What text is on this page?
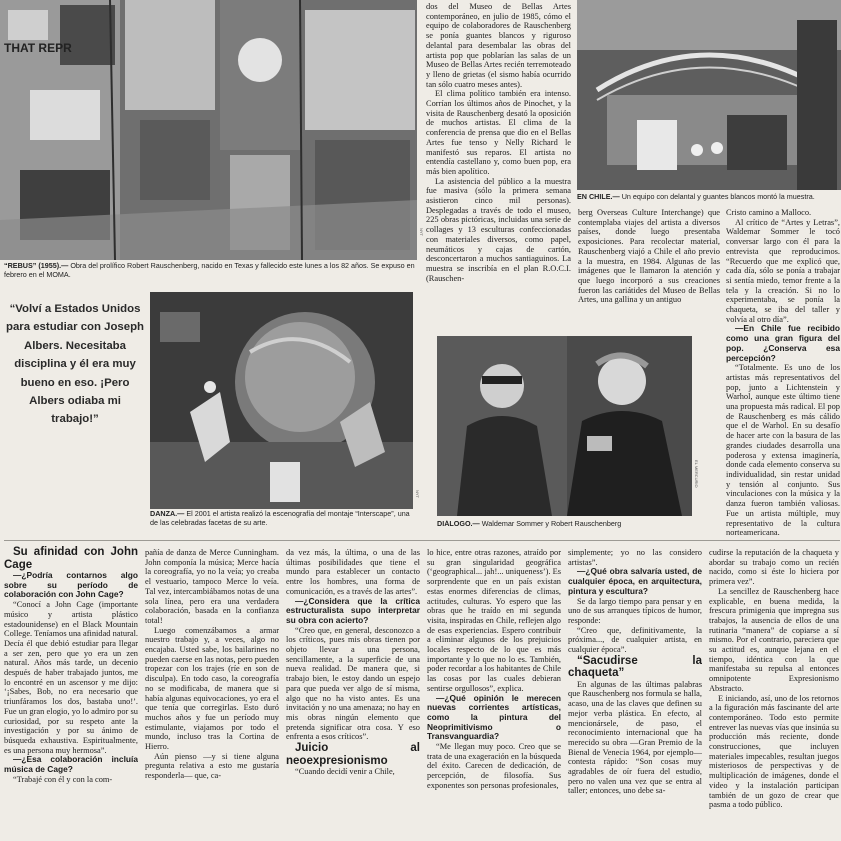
THAT REPR
NYT
“REBUS” (1955).— Obra del prolífico Robert Rauschenberg, nacido en Texas y fallecido este lunes a los 82 años. Se expuso en febrero en el MOMA.
EN CHILE.— Un equipo con delantal y guantes blancos montó la muestra.

dos del Museo de Bellas Artes contemporáneo, en julio de 1985, cómo el equipo de colaboradores de Rauschenberg se ponía guantes blancos y riguroso delantal para desembalar las obras del artista pop que poblarían las salas de un Museo de Bellas Artes recién terremoteado y lleno de grietas (el sismo había ocurrido tan sólo cuatro meses antes).

El clima político también era intenso. Corrían los últimos años de Pinochet, y la visita de Rauschenberg desató la oposición de muchos artistas. El clima de la conferencia de prensa que dio en el Bellas Artes fue tenso y Nelly Richard le manifestó sus reparos. El artista no entendía castellano y, como buen pop, era más bien apolítico.

La asistencia del público a la muestra fue masiva (sólo la primera semana asistieron cinco mil personas). Desplegadas a través de todo el museo, 225 obras pictóricas, incluidas una serie de collages y 13 esculturas confeccionadas con materiales diversos, como papel, neumáticos y cajas de cartón, desconcertaron a muchos santiaguinos. La muestra se inscribía en el plan R.O.C.I. (Rauschen-

berg Overseas Culture Interchange) que contemplaba viajes del artista a diversos países, donde luego presentaba exposiciones. Para recolectar material, Rauschenberg viajó a Chile el año previo a la muestra, en 1984. Algunas de las imágenes que le llamaron la atención y que luego incorporó a sus creaciones fueron las cariátides del Museo de Bellas Artes, una gallina y un antiguo

Cristo camino a Malloco.

Al crítico de “Artes y Letras”, Waldemar Sommer le tocó conversar largo con él para la entrevista que reproducimos. “Recuerdo que me explicó que, cada día, sólo se ponía a trabajar si sentía miedo, temor frente a la tela y la creación. Si no lo experimentaba, se ponía la chaqueta, se iba del taller y volvía al otro día”.

—En Chile fue recibido como una gran figura del pop. ¿Conserva esa percepción?

“Totalmente. Es uno de los artistas más representativos del pop, junto a Lichtenstein y Warhol, aunque este último tiene una propuesta más radical. El pop de Rauschenberg es más cálido que el de Warhol. En su desafío de hacer arte con la basura de las grandes ciudades desarrolla una poderosa y extensa imaginería, donde cada elemento conserva su individualidad, sin restar unidad y tensión al conjunto. Sus vinculaciones con la música y la danza fueron también valiosas. Fue un artista múltiple, muy representativo de la cultura norteamericana.

“Volví a Estados Unidos para estudiar con Joseph Albers. Necesitaba disciplina y él era muy bueno en eso. ¡Pero Albers odiaba mi trabajo!”
NYT
DANZA.— El 2001 el artista realizó la escenografía del montaje “Interscape”, una de las celebradas facetas de su arte.
EL MERCURIO
DIÁLOGO.— Waldemar Sommer y Robert Rauschenberg

Su afinidad con John Cage

—¿Podría contarnos algo sobre su período de colaboración con John Cage?

“Conocí a John Cage (importante músico y artista plástico estadounidense) en el Black Mountain College. Teníamos una afinidad natural. Decía él que debió estudiar para llegar a ser zen, pero que yo era un zen natural. Años más tarde, un decenio después de haber trabajado juntos, me lo encontré en un ascensor y me dijo: ‘¡Sabes, Bob, no era necesario que triunfáramos los dos, bastaba uno!’. Fue un gran elogio, yo lo admiro por su curiosidad, por su respeto ante la investigación y por su ánimo de búsqueda exhaustiva. Espiritualmente, es una persona muy hermosa”.

—¿Esa colaboración incluía música de Cage?

“Trabajé con él y con la com-

pañía de danza de Merce Cunningham. John componía la música; Merce hacía la coreografía, yo no la veía; yo creaba el vestuario, tampoco Merce lo veía. Tal vez, intercambiábamos notas de una sola línea, pero era una verdadera colaboración, basada en la confianza total!

Luego comenzábamos a armar nuestro trabajo y, a veces, algo no encajaba. Usted sabe, los bailarines no pueden caerse en las notas, pero pueden tropezar con los trajes (ríe en son de disculpa). En todo caso, la coreografía no se modificaba, de manera que si había algunas equivocaciones, yo era el que tenía que corregirlas. Esto duró muchos años y fue un período muy estimulante, viajamos por todo el mundo, incluso tras la Cortina de Hierro.

Aún pienso —y si tiene alguna pregunta relativa a esto me gustaría responderla— que, ca-

da vez más, la última, o una de las últimas posibilidades que tiene el mundo para establecer un contacto entre los hombres, una forma de comunicación, es a través de las artes”.

—¿Considera que la crítica estructuralista supo interpretar su obra con acierto?

“Creo que, en general, desconozco a los críticos, pues mis obras tienen por objeto llevar a una persona, sencillamente, a la superficie de una nueva realidad. De manera que, si trabajo bien, le estoy dando un espejo para que pueda ver algo de sí misma, algo que no ha visto antes. Es una invitación y no una amenaza; no hay en mis obras ningún elemento que pretenda significar otra cosa. Y eso enfrenta a esos críticos”.

Juicio al neoexpresionismo

“Cuando decidí venir a Chile,

lo hice, entre otras razones, atraído por su gran singularidad geográfica (‘geographical... jah!... uniqueness’). Es sorprendente que en un país existan estas enormes diferencias de climas, actitudes, culturas. Yo espero que las obras que he traído en mi segunda visita, inspiradas en Chile, reflejen algo de esas experiencias. Espero contribuir a eliminar algunos de los prejuicios locales respecto de lo que es más importante y lo que no lo es. También, poder recordar a los habitantes de Chile las cosas por las cuales debieran sentirse orgullosos”, explica.

—¿Qué opinión le merecen nuevas corrientes artísticas, como la pintura del Neoprimitivismo o Transvanguardia?

“Me llegan muy poco. Creo que se trata de una exageración en la búsqueda del éxito. Carecen de dedicación, de percepción, de filosofía. Sus exponentes son personas profesionales,

simplemente; yo no las considero artistas”.

—¿Qué obra salvaría usted, de cualquier época, en arquitectura, pintura y escultura?

Se da largo tiempo para pensar y en uno de sus arranques típicos de humor, responde:

“Creo que, definitivamente, la próxima..., de cualquier artista, en cualquier época”.

“Sacudirse la chaqueta”

En algunas de las últimas palabras que Rauschenberg nos formula se halla, acaso, una de las claves que definen su mejor verba plástica. En efecto, al mencionársele, de paso, el reconocimiento internacional que ha merecido su obra —Gran Premio de la Bienal de Venecia 1964, por ejemplo— contesta rápido: “Son cosas muy agradables de oír fuera del estudio, pero no valen una vez que se entra al taller; entonces, uno debe sa-

cudirse la reputación de la chaqueta y abordar su trabajo como un recién nacido, como si éste lo hiciera por primera vez”.

La sencillez de Rauschenberg hace explicable, en buena medida, la frescura primigenia que impregna sus trabajos, la ausencia de ellos de una rutinaria “manera” de copiarse a sí mismo. Por el contrario, pareciera que su actitud es, aunque lejana en el tiempo, idéntica con la que manifestaba su repulsa al entonces omnipotente Expresionismo Abstracto.

E iniciando, así, uno de los retornos a la figuración más fascinante del arte contemporáneo. Todo esto permite entrever las nuevas vías que insinúa su producción más reciente, donde construcciones, que incluyen materiales impecables, resultan juegos misteriosos de perspectivas y de multiplicación de imágenes, donde el video y la instalación participan también de un gozo de crear que pasma a todo público.
